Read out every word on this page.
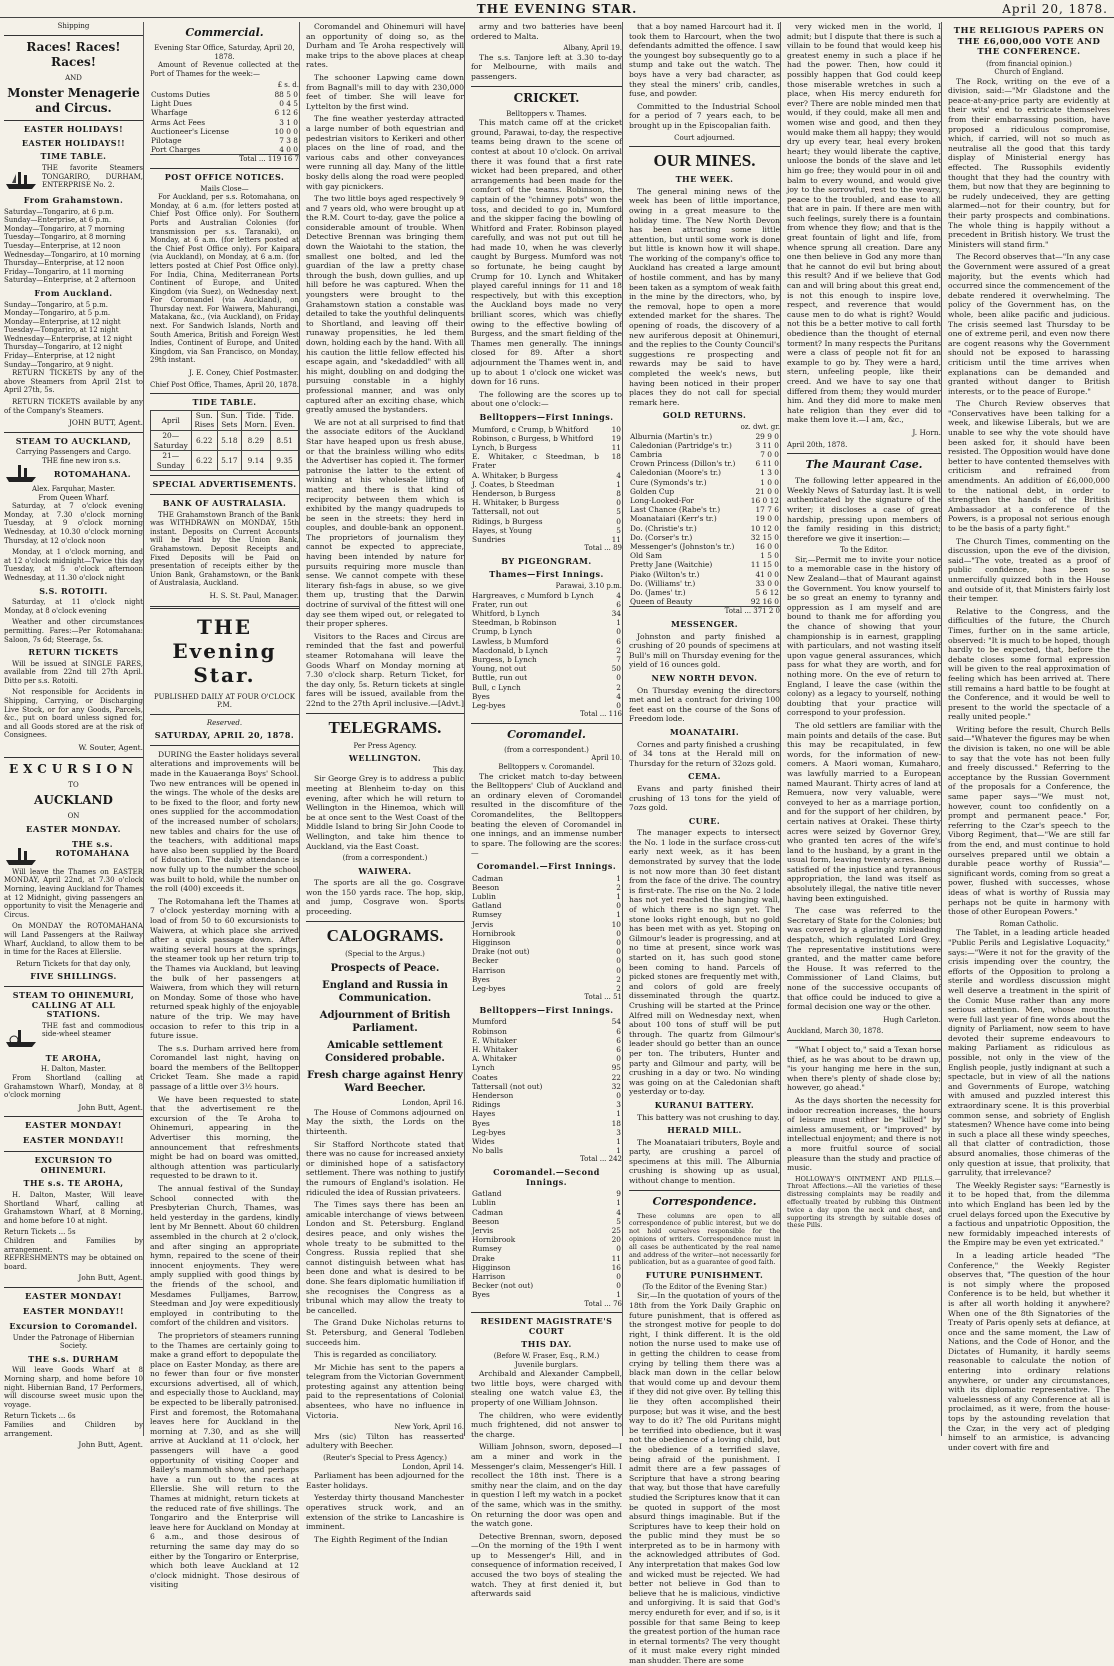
THE EVENING STAR.	April 20, 1878.
Shipping
Races! Races! Races!
AND
Monster Menagerie and Circus.
EASTER HOLIDAYS!
EASTER HOLIDAYS!!
TIME TABLE.
THE favorite Steamers TONGARIRO, DURHAM, ENTERPRISE No. 2.
From Grahamstown.
Saturday—Tongariro, at 6 p.m.
Sunday—Enterprise, at 6 p.m.
Monday—Tongariro, at 7 morning
Tuesday—Tongariro, at 8 morning
Tuesday—Enterprise, at 12 noon
Wednesday—Tongariro, at 10 morning
Thursday—Enterprise, at 12 noon
Friday—Tongariro, at 11 morning
Saturday—Enterprise, at 2 afternoon
From Auckland.
Sunday—Tongariro, at 5 p.m.
Monday—Tongariro, at 5 p.m.
Monday—Enterprise, at 12 night
Tuesday—Tongariro, at 12 night
Wednesday—Enterprise, at 12 night
Thursday—Tongariro, at 12 night
Friday—Enterprise, at 12 night
Sunday—Tongariro, at 9 night.

RETURN TICKETS by any of the above Steamers from April 21st to April 27th, 5s.

RETURN TICKETS available by any of the Company's Steamers.

JOHN BUTT, Agent.
STEAM TO AUCKLAND,
Carrying Passengers and Cargo.
THE fine new iron s.s.
ROTOMAHANA.
Alex. Farquhar, Master.
From Queen Wharf.

Saturday, at 7 o'clock evening Monday, at 7.30 o'clock morning Tuesday, at 9 o'clock morning Wednesday, at 10.30 o'clock morning Thursday, at 12 o'clock noon

Monday, at 1 o'clock morning, and at 12 o'clock midnight—Twice this day Tuesday, at 5 o'clock afternoon Wednesday, at 11.30 o'clock night

S.S. ROTOITI.

Saturday, at 11 o'clock night Monday, at 8 o'clock evening

Weather and other circumstances permitting. Fares:—Per Rotomahana: Saloon, 7s 6d; Steerage, 5s.

RETURN TICKETS

Will be issued at SINGLE FARES, available from 22nd till 27th April. Ditto per s.s. Rotoiti.

Not responsible for Accidents in Shipping, Carrying, or Discharging Live Stock, or for any Goods, Parcels, &c., put on board unless signed for, and all Goods stored are at the risk of Consignees.

W. Souter, Agent.
EXCURSION
TO
AUCKLAND
ON
EASTER MONDAY.
THE s.s. ROTOMAHANA

Will leave the Thames on EASTER MONDAY, April 22nd, at 7.30 o'clock Morning, leaving Auckland for Thames at 12 Midnight, giving passengers an opportunity to visit the Menagerie and Circus.

On MONDAY the ROTOMAHANA will Land Passengers at the Railway Wharf, Auckland, to allow them to be in time for the Races at Ellerslie.

Return Tickets for that day only,
FIVE SHILLINGS.
STEAM TO OHINEMURI, CALLING AT ALL STATIONS.
THE fast and commodious side-wheel steamer
TE AROHA,
H. Dalton, Master.

From Shortland (calling at Grahamstown Wharf), Monday, at 8 o'clock morning

John Butt, Agent.
EASTER MONDAY!
EASTER MONDAY!!
EXCURSION TO OHINEMURI.
THE s.s. TE AROHA,

H. Dalton, Master, Will leave Shortland Wharf, calling at Grahamstown Wharf, at 8 Morning, and home before 10 at night.

Return Tickets ... 5s
Children and Families by arrangement.
REFRESHMENTS may be obtained on board.
John Butt, Agent.
EASTER MONDAY!
EASTER MONDAY!!
Excursion to Coromandel.
Under the Patronage of Hibernian Society.
THE s.s. DURHAM

Will leave Goods Wharf at 8 Morning sharp, and home before 10 night. Hibernian Band, 17 Performers, will discourse sweet music upon the voyage.

Return Tickets ... 6s
Families and Children by arrangement.
John Butt, Agent.
Commercial.
Evening Star Office, Saturday, April 20, 1878.

Amount of Revenue collected at the Port of Thames for the week:—

£ s. d.
Customs Duties	88 5 0
Light Dues	0 4 5
Wharfage	6 12 6
Arms Act Fees	3 1 0
Auctioneer's License	10 0 0
Pilotage	7 3 8
Port Charges	4 0 0
Total ... 119 16 7
POST OFFICE NOTICES.
Mails Close—

For Auckland, per s.s. Rotomahana, on Monday, at 6 a.m. (for letters posted at Chief Post Office only). For Southern Ports and Australian Colonies (for transmission per s.s. Taranaki), on Monday, at 6 a.m. (for letters posted at the Chief Post Office only). For Kaipara (via Auckland), on Monday, at 6 a.m. (for letters posted at Chief Post Office only). For India, China, Mediterranean Ports Continent of Europe, and United Kingdom (via Suez), on Wednesday next. For Coromandel (via Auckland), on Thursday next. For Waiwera, Mahurangi, Matakana, &c., (via Auckland), on Friday next. For Sandwich Islands, North and South America, British and Foreign West Indies, Continent of Europe, and United Kingdom, via San Francisco, on Monday, 29th instant.

J. E. Coney, Chief Postmaster.
Chief Post Office, Thames, April 20, 1878.
TIDE TABLE.
April	Sun. Rises	Sun. Sets	Tide. Morn.	Tide. Even.
20—Saturday	6.22	5.18	8.29	8.51
21—Sunday	6.22	5.17	9.14	9.35
SPECIAL ADVERTISEMENTS.
BANK OF AUSTRALASIA.

THE Grahamstown Branch of the Bank was WITHDRAWN on MONDAY, 15th instant. Deposits on Current Accounts will be Paid by the Union Bank, Grahamstown. Deposit Receipts and Fixed Deposits will be Paid on presentation of receipts either by the Union Bank, Grahamstown, or the Bank of Australasia, Auckland.

H. S. St. Paul, Manager.
THE Evening Star.
PUBLISHED DAILY AT FOUR O'CLOCK P.M.
Reserved.
SATURDAY, APRIL 20, 1878.

DURING the Easter holidays several alterations and improvements will be made in the Kauaeranga Boys' School. Two new entrances will be opened in the wings. The whole of the desks are to be fixed to the floor, and forty new ones supplied for the accommodation of the increased number of scholars; new tables and chairs for the use of the teachers, with additional maps have also been supplied by the Board of Education. The daily attendance is now fully up to the number the school was built to hold, while the number on the roll (400) exceeds it.

The Rotomahana left the Thames at 7 o'clock yesterday morning with a load of from 50 to 60 excursionists to Waiwera, at which place she arrived after a quick passage down. After waiting several hours at the springs, the steamer took up her return trip to the Thames via Auckland, but leaving the bulk of her passengers at Waiwera, from which they will return on Monday. Some of those who have returned speak highly of the enjoyable nature of the trip. We may have occasion to refer to this trip in a future issue.

The s.s. Durham arrived here from Coromandel last night, having on board the members of the Belltopper Cricket Team. She made a rapid passage of a little over 3½ hours.

We have been requested to state that the advertisement re the excursion of the Te Aroha to Ohinemuri, appearing in the Advertiser this morning, the announcement that refreshments might be had on board was omitted, although attention was particularly requested to be drawn to it.

The annual festival of the Sunday School connected with the Presbyterian Church, Thames, was held yesterday in the gardens, kindly lent by Mr Bennett. About 60 children assembled in the church at 2 o'clock, and after singing an appropriate hymn, repaired to the scene of their innocent enjoyments. They were amply supplied with good things by the friends of the school, and Mesdames Fulljames, Barrow, Steedman and Joy were expeditiously employed in contributing to the comfort of the children and visitors.

The proprietors of steamers running to the Thames are certainly going to make a grand effort to depopulate the place on Easter Monday, as there are no fewer than four or five monster excursions advertised, all of which, and especially those to Auckland, may be expected to be liberally patronised. First and foremost, the Rotomahana leaves here for Auckland in the morning at 7.30, and as she will arrive at Auckland at 11 o'clock, her passengers will have a good opportunity of visiting Cooper and Bailey's mammoth show, and perhaps have a run out to the races at Ellerslie. She will return to the Thames at midnight, return tickets at the reduced rate of five shillings. The Tongariro and the Enterprise will leave here for Auckland on Monday at 6 a.m., and those desirous of returning the same day may do so either by the Tongariro or Enterprise, which both leave Auckland at 12 o'clock midnight. Those desirous of visiting

Coromandel and Ohinemuri will have an opportunity of doing so, as the Durham and Te Aroha respectively will make trips to the above places at cheap rates.

The schooner Lapwing came down from Bagnall's mill to day with 230,000 feet of timber. She will leave for Lyttelton by the first wind.

The fine weather yesterday attracted a large number of both equestrian and pedestrian visitors to Kerikeri and other places on the line of road, and the various cabs and other conveyances were running all day. Many of the little bosky dells along the road were peopled with gay picnickers.

The two little boys aged respectively 9 and 7 years old, who were brought up at the R.M. Court to-day, gave the police a considerable amount of trouble. When Detective Brennan was bringing them down the Waiotahi to the station, the smallest one bolted, and led the guardian of the law a pretty chase through the bush, down gullies, and up hill before he was captured. When the youngsters were brought to the Grahamstown station a constable was detailed to take the youthful delinquents to Shortland, and leaving off their runaway propensities, he led them down, holding each by the hand. With all his caution the little fellow effected his escape again, and "skedaddled" with all his might, doubling on and dodging the pursuing constable in a highly professional manner, and was only captured after an exciting chase, which greatly amused the bystanders.

We are not at all surprised to find that the associate editors of the Auckland Star have heaped upon us fresh abuse, or that the brainless willing who edits the Advertiser has copied it. The former patronise the latter to the extent of winking at his wholesale lifting of matter, and there is that kind of reciprocity between them which is exhibited by the mangy quadrupeds to be seen in the streets: they herd in couples, and double-bank an opponent. The proprietors of journalism they cannot be expected to appreciate, having been intended by nature for pursuits requiring more muscle than sense. We cannot compete with these literary fish-fags in abuse, so we give them up, trusting that the Darwin doctrine of survival of the fittest will one day see them wiped out, or relegated to their proper spheres.

Visitors to the Races and Circus are reminded that the fast and powerful steamer Rotomahana will leave the Goods Wharf on Monday morning at 7.30 o'clock sharp. Return Ticket, for the day only, 5s. Return tickets at single fares will be issued, available from the 22nd to the 27th April inclusive.—[Advt.]

TELEGRAMS.
Per Press Agency.
WELLINGTON.
This day.

Sir George Grey is to address a public meeting at Blenheim to-day on this evening, after which he will return to Wellington in the Hinemoa, which will be at once sent to the West Coast of the Middle Island to bring Sir John Coode to Wellington, and take him thence to Auckland, via the East Coast.

(from a correspondent.)
WAIWERA.

The sports are all the go. Cosgrave won the 150 yards race. The hop, skip, and jump, Cosgrave won. Sports proceeding.

CALOGRAMS.
(Special to the Argus.)
Prospects of Peace.
England and Russia in Communication.
Adjournment of British Parliament.
Amicable settlement Considered probable.
Fresh charge against Henry Ward Beecher.
London, April 16.

The House of Commons adjourned on May the sixth, the Lords on the thirteenth.

Sir Stafford Northcote stated that there was no cause for increased anxiety or diminished hope of a satisfactory settlement. There was nothing to justify the rumours of England's isolation. He ridiculed the idea of Russian privateers.

The Times says there has been an amicable interchange of views between London and St. Petersburg. England desires peace, and only wishes the whole treaty to be submitted to the Congress. Russia replied that she cannot distinguish between what has been done and what is desired to be done. She fears diplomatic humiliation if she recognises the Congress as a tribunal which may allow the treaty to be cancelled.

The Grand Duke Nicholas returns to St. Petersburg, and General Todleben succeeds him.

This is regarded as conciliatory.

Mr Michie has sent to the papers a telegram from the Victorian Government protesting against any attention being paid to the representations of Colonial absentees, who have no influence in Victoria.

New York, April 16.

Mrs (sic) Tilton has reasserted adultery with Beecher.

(Reuter's Special to Press Agency.)
London, April 14.

Parliament has been adjourned for the Easter holidays.

Yesterday thirty thousand Manchester operatives struck work, and an extension of the strike to Lancashire is imminent.

The Eighth Regiment of the Indian

army and two batteries have been ordered to Malta.

Albany, April 19.

The s.s. Tanjore left at 3.30 to-day for Melbourne, with mails and passengers.

CRICKET.
Belltoppers v. Thames.

This match came off at the cricket ground, Parawai, to-day, the respective teams being drawn to the scene of contest at about 10 o'clock. On arrival there it was found that a first rate wicket had been prepared, and other arrangements had been made for the comfort of the teams. Robinson, the captain of the "chimney pots" won the toss, and decided to go in, Mumford and the skipper facing the bowling of Whitford and Frater. Robinson played carefully, and was not put out till he had made 10, when he was cleverly caught by Burgess. Mumford was not so fortunate, he being caught by Crump for 10. Lynch and Whitaker played careful innings for 11 and 18 respectively, but with this exception the Auckland boys made no very brilliant scores, which was chiefly owing to the effective bowling of Burgess, and the smart fielding of the Thames men generally. The innings closed for 89. After a short adjournment the Thames went in, and up to about 1 o'clock one wicket was down for 16 runs.

The following are the scores up to about one o'clock:—

Belltoppers—First Innings.
Mumford, c Crump, b Whitford	10
Robinson, c Burgess, b Whitford	19
Lynch, b Burgess	11
E. Whitaker, c Steedman, b Frater	18
A. Whitaker, b Burgess	4
J. Coates, b Steedman	1
Henderson, b Burgess	8
H. Whitaker, b Burgess	0
Tattersall, not out	5
Ridings, b Burgess	0
Hayes, st Young	5
Sundries	11
Total ... 89
BY PIGEONGRAM.
Thames—First Innings.
Parawai, 3.10 p.m.
Hargreaves, c Mumford b Lynch	4
Frater, run out	6
Whitford, b Lynch	34
Steedman, b Robinson	1
Crump, b Lynch	0
Lawless, b Mumford	6
Macdonald, b Lynch	2
Burgess, b Lynch	7
Young, not out	50
Buttle, run out	0
Bull, c Lynch	2
Byes	4
Leg-byes	0
Total ... 116
Coromandel.
(from a correspondent.)
April 10.
Belltoppers v. Coromandel.

The cricket match to-day between the Belltoppers' Club of Auckland and an ordinary eleven of Coromandel resulted in the discomfiture of the Coromandelites, the Belltoppers beating the eleven of Coromandel in one innings, and an immense number to spare. The following are the scores:—

Coromandel.—First Innings.
Cadman	1
Beeson	2
Lublin	1
Gatland	0
Rumsey	1
Jervis	10
Hornibrook	0
Higginson	0
Drake (not out)	0
Becker	0
Harrison	0
Byes	2
Leg-byes	2
Total ... 51
Belltoppers—First Innings.
Mumford	54
Robinson	6
E. Whitaker	6
H. Whitaker	6
A. Whitaker	0
Lynch	95
Coates	22
Tattersall (not out)	32
Henderson	0
Ridings	3
Hayes	1
Byes	18
Leg-byes	3
Wides	1
No balls	1
Total ... 242
Coromandel.—Second Innings.
Gatland	9
Lublin	1
Cadman	4
Beeson	5
Jervis	25
Hornibrook	20
Rumsey	0
Drake	11
Higginson	16
Harrison	0
Becker (not out)	0
Byes	1
Total ... 76
RESIDENT MAGISTRATE'S COURT
THIS DAY.
(Before W. Fraser, Esq., R.M.)
Juvenile burglars.

Archibald and Alexander Campbell, two little boys, were charged with stealing one watch value £3, the property of one William Johnson.

The children, who were evidently much frightened, did not answer to the charge.

William Johnson, sworn, deposed—I am a miner and work in the Messenger's claim, Messenger's Hill. I recollect the 18th inst. There is a smithy near the claim, and on the day in question I left my watch in a pocket of the same, which was in the smithy. On returning the door was open and the watch gone.

Detective Brennan, sworn, deposed—On the morning of the 19th I went up to Messenger's Hill, and in consequence of information received, I accused the two boys of stealing the watch. They at first denied it, but afterwards said

that a boy named Harcourt had it. I took them to Harcourt, when the two defendants admitted the offence. I saw the youngest boy subsequently go to a stump and take out the watch. The boys have a very bad character, as they steal the miners' crib, candles, fuse, and powder.

Committed to the Industrial School for a period of 7 years each, to be brought up in the Episcopalian faith.

Court adjourned.
OUR MINES.
THE WEEK.

The general mining news of the week has been of little importance, owing in a great measure to the holiday time. The New North Devon has been attracting some little attention, but until some work is done but little is known how it will shape. The working of the company's office to Auckland has created a large amount of hostile comment, and has by many been taken as a symptom of weak faith in the mine by the directors, who, by the removal, hope to open a more extended market for the shares. The opening of roads, the discovery of a new auriferous deposit at Ohinemuri, and the replies to the County Council's suggestions re prospecting and rewards may be said to have completed the week's news, but having been noticed in their proper places they do not call for special remark here.

GOLD RETURNS.
oz. dwt. gr.
Alburnia (Martin's tr.)	29 9 0
Caledonian (Partridge's tr.)	3 11 0
Cambria	7 0 0
Crown Princess (Dillon's tr.)	6 11 0
Caledonian (Moore's tr.)	1 3 0
Cure (Symonds's tr.)	1 0 0
Golden Cup	21 0 0
Long-Looked-For	16 0 12
Last Chance (Rabe's tr.)	17 7 6
Moanataiari (Kerr's tr.)	19 0 0
Do. (Christie's tr.)	10 12 0
Do. (Corser's tr.)	32 15 0
Messenger's (Johnston's tr.)	16 0 0
Old Sam	1 5 0
Pretty Jane (Waitchie)	11 15 0
Piako (Wilton's tr.)	41 0 0
Do. (Williams' tr.)	33 0 0
Do. (James' tr.)	5 6 12
Queen of Beauty	92 16 0
Total ... 371 2 0
MESSENGER.

Johnston and party finished a crushing of 20 pounds of specimens at Bull's mill on Thursday evening for the yield of 16 ounces gold.

NEW NORTH DEVON.

On Thursday evening the directors met and let a contract for driving 100 feet east on the course of the Sons of Freedom lode.

MOANATAIRI.

Cornes and party finished a crushing of 34 tons at the Herald mill on Thursday for the return of 32ozs gold.

CEMA.

Evans and party finished their crushing of 13 tons for the yield of 7ozs gold.

CURE.

The manager expects to intersect the No. 1 lode in the surface cross-cut early next week, as it has been demonstrated by survey that the lode is not now more than 30 feet distant from the face of the drive. The country is first-rate. The rise on the No. 2 lode has not yet reached the hanging wall, of which there is no sign yet. The stone looks right enough, but no gold has been met with as yet. Stoping on Gilmour's leader is progressing, and at no time at present, since work was started on it, has such good stone been coming to hand. Parcels of picked stones are frequently met with, and colors of gold are freely disseminated through the quartz. Crushing will be started at the Prince Alfred mill on Wednesday next, when about 100 tons of stuff will be put through. The quartz from Gilmour's leader should go better than an ounce per ton. The tributers, Hunter and party and Gilmour and party, will be crushing in a day or two. No winding was going on at the Caledonian shaft yesterday or to-day.

KURANUI BATTERY.

This battery was not crushing to day.

HERALD MILL.

The Moanataiari tributers, Boyle and party, are crushing a parcel of specimens at this mill. The Alburnia crushing is showing up as usual, without change to mention.

Correspondence.

These columns are open to all correspondence of public interest, but we do not hold ourselves responsible for the opinions of writers. Correspondence must in all cases be authenticated by the real name and address of the writer—not necessarily for publication, but as a guarantee of good faith.

FUTURE PUNISHMENT.
(To the Editor of the Evening Star.)

Sir,—In the quotation of yours of the 18th from the York Daily Graphic on future punishment, that is offered as the strongest motive for people to do right, I think different. It is the old notion the nurse used to make use of in getting the children to cease from crying by telling them there was a black man down in the cellar below that would come up and devour them if they did not give over. By telling this lie they often accomplished their purpose; but was it wise, and the best way to do it? The old Puritans might be terrified into obedience, but it was not the obedience of a loving child, but the obedience of a terrified slave, being afraid of the punishment. I admit there are a few passages of Scripture that have a strong bearing that way, but those that have carefully studied the Scriptures know that it can be quoted in support of the most absurd things imaginable. But if the Scriptures have to keep their hold on the public mind they must be so interpreted as to be in harmony with the acknowledged attributes of God. Any interpretation that makes God low and wicked must be rejected. We had better not believe in God than to believe that he is malicious, vindictive and unforgiving. It is said that God's mercy endureth for ever, and if so, is it possible for that same Being to keep the greatest portion of the human race in eternal torments? The very thought of it must make every right minded man shudder. There are some

very wicked men in the world, I admit; but I dispute that there is such a villain to be found that would keep his greatest enemy in such a place if he had the power. Then, how could it possibly happen that God could keep those miserable wretches in such a place, when His mercy endureth for ever? There are noble minded men that would, if they could, make all men and women wise and good, and then they would make them all happy; they would dry up every tear, heal every broken heart; they would liberate the captive, unloose the bonds of the slave and let him go free; they would pour in oil and balm to every wound, and would give joy to the sorrowful, rest to the weary, peace to the troubled, and ease to all that are in pain. If there are men with such feelings, surely there is a fountain from whence they flow; and that is the great fountain of light and life, from whence sprung all creation. Dare any one then believe in God any more than that he cannot do evil but bring about this result? And if we believe that God can and will bring about this great end, is not this enough to inspire love, respect, and reverence that would cause men to do what is right? Would not this be a better motive to call forth obedience than the thought of eternal torment? In many respects the Puritans were a class of people not fit for an example to go by. They were a hard, stern, unfeeling people, like their creed. And we have to say one that differed from them; they would murder him. And they did more to make men hate religion than they ever did to make them love it.—I am, &c.,

J. Horn.
April 20th, 1878.
The Maurant Case.

The following letter appeared in the Weekly News of Saturday last. It is well authenticated by the signature of the writer; it discloses a case of great hardship, pressing upon members of the family residing in this district; therefore we give it insertion:—

To the Editor.

Sir,—Permit me to invite your notice to a memorable case in the history of New Zealand—that of Maurant against the Government. You know yourself to be so great an enemy to tyranny and oppression as I am myself and are bound to thank me for affording you the chance of showing that your championship is in earnest, grappling with particulars, and not wasting itself upon vague general assurances, which pass for what they are worth, and for nothing more. On the eve of return to England, I leave the case (within the colony) as a legacy to yourself, nothing doubting that your practice will correspond to your profession.

The old settlers are familiar with the main points and details of the case. But this may be recapitulated, in few words, for the information of new-comers. A Maori woman, Kumaharo, was lawfully married to a European named Maurant. Thirty acres of land at Remuera, now very valuable, were conveyed to her as a marriage portion, and for the support of her children, by certain natives at Orakei. These thirty acres were seized by Governor Grey, who granted ten acres of the wife's land to the husband, by a grant in the usual form, leaving twenty acres. Being satisfied of the injustice and tyrannous appropriation, the land was itself as absolutely illegal, the native title never having been extinguished.

The case was referred to the Secretary of State for the Colonies; but was covered by a glaringly misleading despatch, which regulated Lord Grey. The representative institutions were granted, and the matter came before the House. It was referred to the Commissioner of Land Claims, but none of the successive occupants of that office could be induced to give a formal decision one way or the other.

Hugh Carleton.
Auckland, March 30, 1878.

"What I object to," said a Texan horse thief, as he was about to be drawn up, "is your hanging me here in the sun, when there's plenty of shade close by; however, go ahead."

As the days shorten the necessity for indoor recreation increases, the hours of leisure must either be "killed" by aimless amusement, or "improved" by intellectual enjoyment; and there is not a more fruitful source of social pleasure than the study and practice of music.

HOLLOWAY'S OINTMENT AND PILLS.—Throat Affections.—All the varieties of these distressing complaints may be readily and effectually treated by rubbing this Ointment twice a day upon the neck and chest, and supporting its strength by suitable doses of these Pills.

THE RELIGIOUS PAPERS ON THE £6,000,000 VOTE AND THE CONFERENCE.
(from financial opinion.)
Church of England.

The Rock, writing on the eve of a division, said:—"Mr Gladstone and the peace-at-any-price party are evidently at their wits' end to extricate themselves from their embarrassing position, have proposed a ridiculous compromise, which, if carried, will not so much as neutralise all the good that this tardy display of Ministerial energy has effected. The Russophils evidently thought that they had the country with them, but now that they are beginning to be rudely undeceived, they are getting alarmed—not for their country, but for their party prospects and combinations. The whole thing is happily without a precedent in British history. We trust the Ministers will stand firm."

The Record observes that—"In any case the Government were assured of a great majority, but the events which had occurred since the commencement of the debate rendered it overwhelming. The policy of the Government has, on the whole, been alike pacific and judicious. The crisis seemed last Thursday to be one of extreme peril, and even now there are cogent reasons why the Government should not be exposed to harassing criticism until the time arrives when explanations can be demanded and granted without danger to British interests, or to the peace of Europe."

The Church Review observes that "Conservatives have been talking for a week, and likewise Liberals, but we are unable to see why the vote should have been asked for, it should have been resisted. The Opposition would have done better to have contented themselves with criticism and refrained from amendments. An addition of £6,000,000 to the national debt, in order to strengthen the hands of the British Ambassador at a conference of the Powers, is a proposal not serious enough to be the basis of a party fight."

The Church Times, commenting on the discussion, upon the eve of the division, said—"The vote, treated as a proof of public confidence, has been so unmercifully quizzed both in the House and outside of it, that Ministers fairly lost their temper.

Relative to the Congress, and the difficulties of the future, the Church Times, further on in the same article, observed: "It is much to be hoped, though hardly to be expected, that, before the debate closes some formal expression will be given to the real approximation of feeling which has been arrived at. There still remains a hard battle to be fought at the Conference, and it would be well to present to the world the spectacle of a really united people."

Writing before the result, Church Bells said—"Whatever the figures may be when the division is taken, no one will be able to say that the vote has not been fully and freely discussed." Referring to the acceptance by the Russian Government of the proposals for a Conference, the same paper says—"We must not, however, count too confidently on a prompt and permanent peace." For, referring to the Czar's speech to the Viborg Regiment, that—"We are still far from the end, and must continue to hold ourselves prepared until we obtain a durable peace worthy of Russia"—significant words, coming from so great a power, flushed with successes, whose ideas of what is worthy of Russia may perhaps not be quite in harmony with those of other European Powers."

Roman Catholic.

The Tablet, in a leading article headed "Public Perils and Legislative Loquacity," says:—"Were it not for the gravity of the crisis impending over the country, the efforts of the Opposition to prolong a sterile and wordless discussion might well deserve a treatment in the spirit of the Comic Muse rather than any more serious attention. Men, whose mouths were full last year of fine words about the dignity of Parliament, now seem to have devoted their supreme endeavours to making Parliament as ridiculous as possible, not only in the view of the English people, justly indignant at such a spectacle, but in view of all the nations and Governments of Europe, watching with amused and puzzled interest this extraordinary scene. It is this proverbial common sense, and sobriety of English statesmen? Whence have come into being in such a place all these windy speeches, all that clatter of contradiction, those absurd anomalies, those chimeras of the only question at issue, that prolixity, that garrulity, that irrelevance?

The Weekly Register says: "Earnestly is it to be hoped that, from the dilemma into which England has been led by the cruel delays forced upon the Executive by a factious and unpatriotic Opposition, the new formidably impeached interests of the Empire may be even yet extricated."

In a leading article headed "The Conference," the Weekly Register observes that, "The question of the hour is not simply where the proposed Conference is to be held, but whether it is after all worth holding it anywhere? When one of the 8th Signatories of the Treaty of Paris openly sets at defiance, at once and the same moment, the Law of Nations, and the Code of Honor, and the Dictates of Humanity, it hardly seems reasonable to calculate the notion of entering into ordinary relations anywhere, or under any circumstances, with its diplomatic representative. The valuelessness of any Conference at all is proclaimed, as it were, from the house-tops by the astounding revelation that the Czar, in the very act of pledging himself to an armistice, is advancing under covert with fire and
